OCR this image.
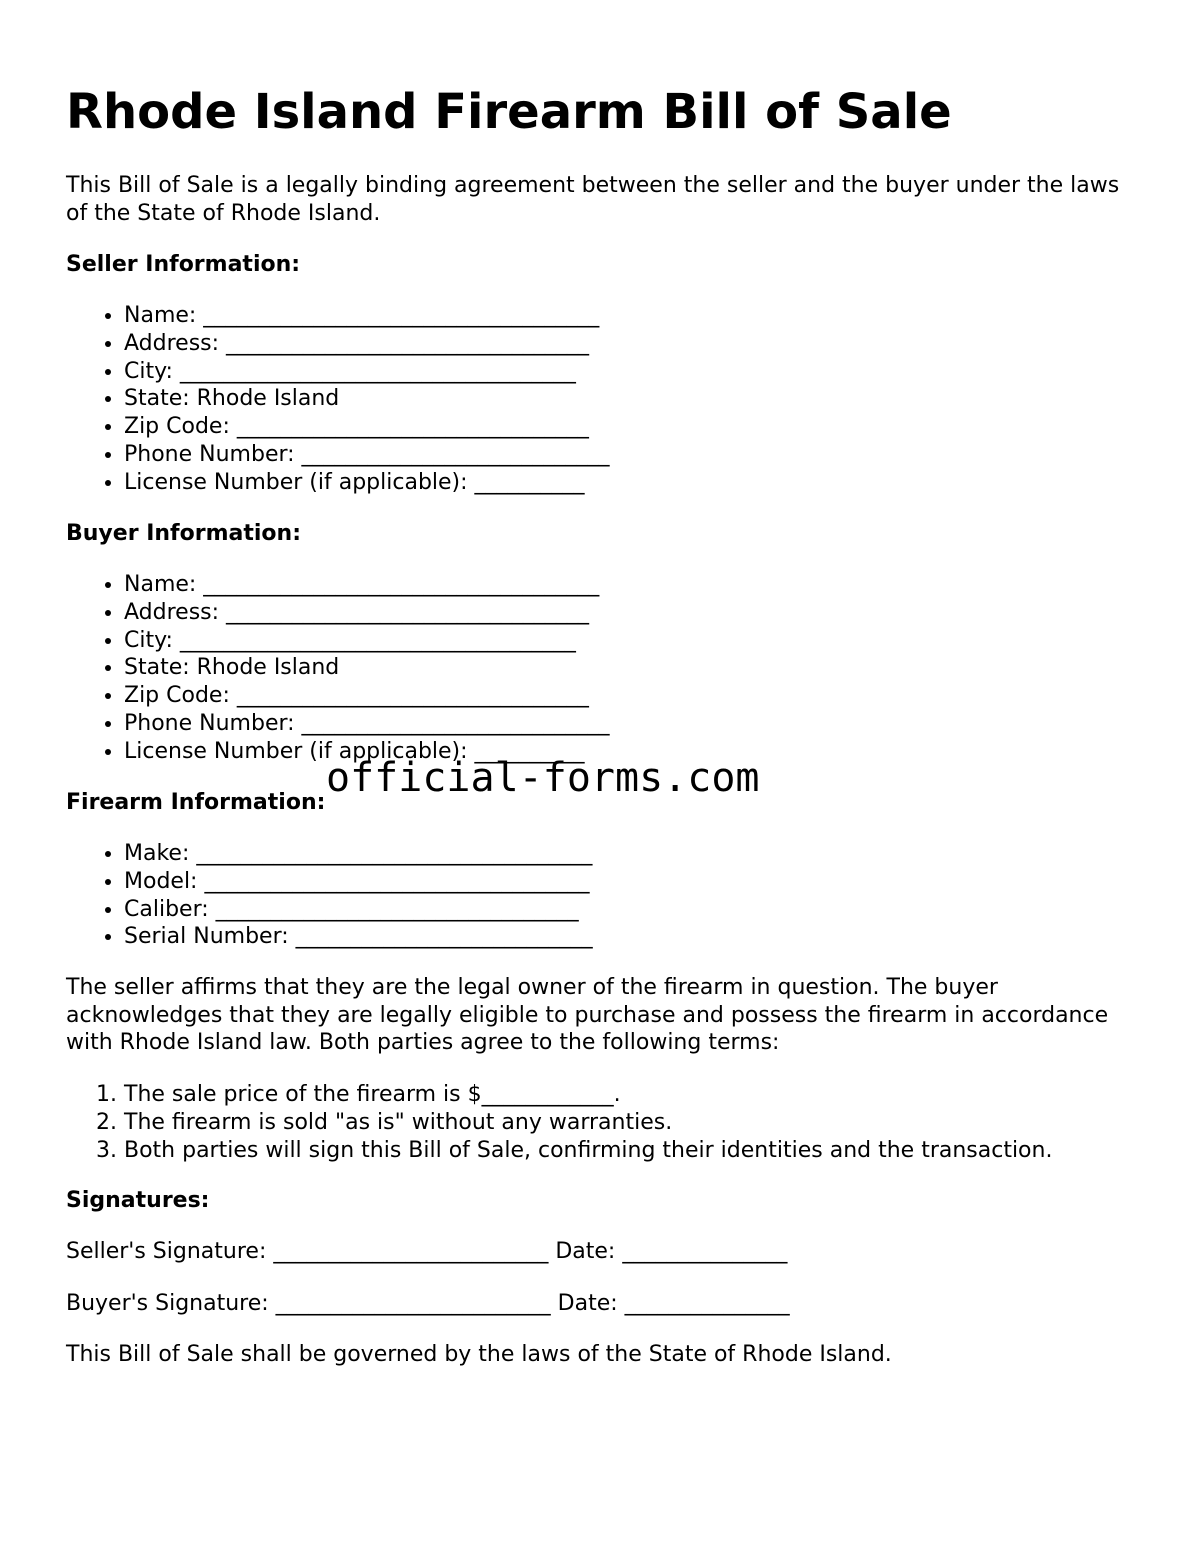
Rhode Island Firearm Bill of Sale

This Bill of Sale is a legally binding agreement between the seller and the buyer under the laws of the State of Rhode Island.

Seller Information:

• Name: ____________________________________
• Address: _________________________________
• City: ____________________________________
• State: Rhode Island
• Zip Code: ________________________________
• Phone Number: ____________________________
• License Number (if applicable): __________

Buyer Information:

• Name: ____________________________________
• Address: _________________________________
• City: ____________________________________
• State: Rhode Island
• Zip Code: ________________________________
• Phone Number: ____________________________
• License Number (if applicable): __________

Firearm Information:

• Make: ____________________________________
• Model: ___________________________________
• Caliber: _________________________________
• Serial Number: ___________________________

The seller affirms that they are the legal owner of the firearm in question. The buyer acknowledges that they are legally eligible to purchase and possess the firearm in accordance with Rhode Island law. Both parties agree to the following terms:

1. The sale price of the firearm is $____________.
2. The firearm is sold "as is" without any warranties.
3. Both parties will sign this Bill of Sale, confirming their identities and the transaction.

Signatures:

Seller's Signature: _________________________ Date: _______________

Buyer's Signature: _________________________ Date: _______________

This Bill of Sale shall be governed by the laws of the State of Rhode Island.

official-forms.com
